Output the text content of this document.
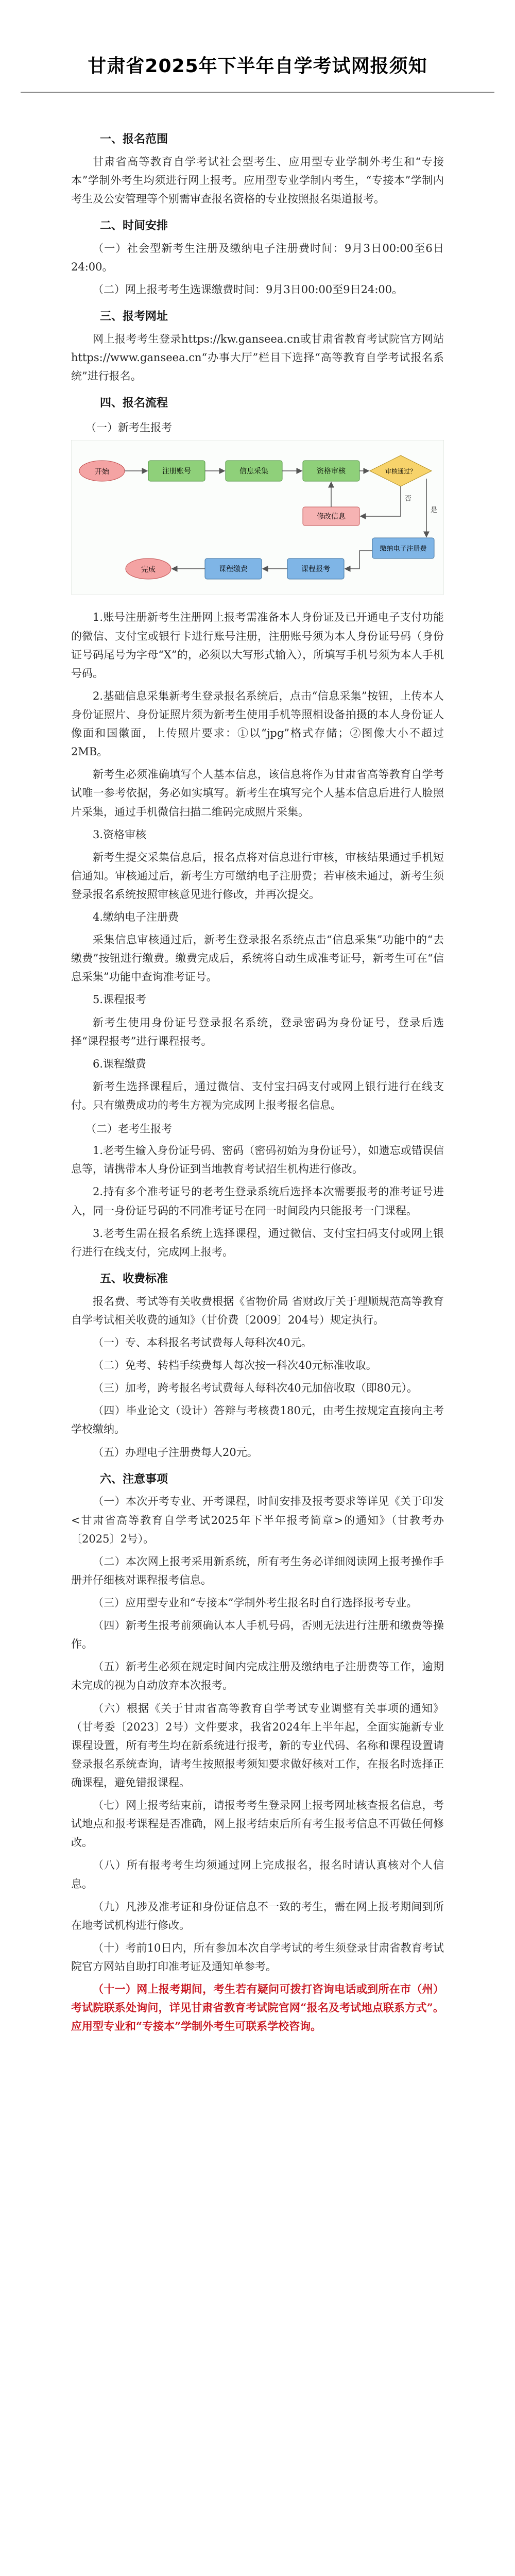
甘肃省2025年下半年自学考试网报须知
一、报名范围
甘肃省高等教育自学考试社会型考生、应用型专业学制外考生和“专接本”学制外考生均须进行网上报考。应用型专业学制内考生，“专接本”学制内考生及公安管理等个别需审查报名资格的专业按照报名渠道报考。
二、时间安排
（一）社会型新考生注册及缴纳电子注册费时间：9月3日00:00至6日24:00。
（二）网上报考考生选课缴费时间：9月3日00:00至9日24:00。
三、报考网址
网上报考考生登录https://kw.ganseea.cn或甘肃省教育考试院官方网站https://www.ganseea.cn“办事大厅”栏目下选择“高等教育自学考试报名系统”进行报名。
四、报名流程
（一）新考生报考
开始	注册账号	信息采集	资格审核	审核通过？
修改信息
缴纳电子注册费
课程报考
课程缴费
完成
否
是
1.账号注册新考生注册网上报考需准备本人身份证及已开通电子支付功能的微信、支付宝或银行卡进行账号注册，注册账号须为本人身份证号码（身份证号码尾号为字母“X”的，必须以大写形式输入），所填写手机号须为本人手机号码。
2.基础信息采集新考生登录报名系统后，点击“信息采集”按钮，上传本人身份证照片、身份证照片须为新考生使用手机等照相设备拍摄的本人身份证人像面和国徽面，上传照片要求：①以“jpg”格式存储；②图像大小不超过2MB。
新考生必须准确填写个人基本信息，该信息将作为甘肃省高等教育自学考试唯一参考依据，务必如实填写。新考生在填写完个人基本信息后进行人脸照片采集，通过手机微信扫描二维码完成照片采集。
3.资格审核
新考生提交采集信息后，报名点将对信息进行审核，审核结果通过手机短信通知。审核通过后，新考生方可缴纳电子注册费；若审核未通过，新考生须登录报名系统按照审核意见进行修改，并再次提交。
4.缴纳电子注册费
采集信息审核通过后，新考生登录报名系统点击“信息采集”功能中的“去缴费”按钮进行缴费。缴费完成后，系统将自动生成准考证号，新考生可在“信息采集”功能中查询准考证号。
5.课程报考
新考生使用身份证号登录报名系统，登录密码为身份证号，登录后选择“课程报考”进行课程报考。
6.课程缴费
新考生选择课程后，通过微信、支付宝扫码支付或网上银行进行在线支付。只有缴费成功的考生方视为完成网上报考报名信息。
（二）老考生报考
1.老考生输入身份证号码、密码（密码初始为身份证号），如遗忘或错误信息等，请携带本人身份证到当地教育考试招生机构进行修改。
2.持有多个准考证号的老考生登录系统后选择本次需要报考的准考证号进入，同一身份证号码的不同准考证号在同一时间段内只能报考一门课程。
3.老考生需在报名系统上选择课程，通过微信、支付宝扫码支付或网上银行进行在线支付，完成网上报考。
五、收费标准
报名费、考试等有关收费根据《省物价局 省财政厅关于理顺规范高等教育自学考试相关收费的通知》（甘价费〔2009〕204号）规定执行。
（一）专、本科报名考试费每人每科次40元。
（二）免考、转档手续费每人每次按一科次40元标准收取。
（三）加考，跨考报名考试费每人每科次40元加倍收取（即80元）。
（四）毕业论文（设计）答辩与考核费180元，由考生按规定直接向主考学校缴纳。
（五）办理电子注册费每人20元。
六、注意事项
（一）本次开考专业、开考课程，时间安排及报考要求等详见《关于印发<甘肃省高等教育自学考试2025年下半年报考简章>的通知》（甘教考办〔2025〕2号）。
（二）本次网上报考采用新系统，所有考生务必详细阅读网上报考操作手册并仔细核对课程报考信息。
（三）应用型专业和“专接本”学制外考生报名时自行选择报考专业。
（四）新考生报考前须确认本人手机号码，否则无法进行注册和缴费等操作。
（五）新考生必须在规定时间内完成注册及缴纳电子注册费等工作，逾期未完成的视为自动放弃本次报考。
（六）根据《关于甘肃省高等教育自学考试专业调整有关事项的通知》（甘考委〔2023〕2号）文件要求，我省2024年上半年起，全面实施新专业课程设置，所有考生均在新系统进行报考，新的专业代码、名称和课程设置请登录报名系统查询，请考生按照报考须知要求做好核对工作，在报名时选择正确课程，避免错报课程。
（七）网上报考结束前，请报考考生登录网上报考网址核查报名信息，考试地点和报考课程是否准确，网上报考结束后所有考生报考信息不再做任何修改。
（八）所有报考考生均须通过网上完成报名，报名时请认真核对个人信息。
（九）凡涉及准考证和身份证信息不一致的考生，需在网上报考期间到所在地考试机构进行修改。
（十）考前10日内，所有参加本次自学考试的考生须登录甘肃省教育考试院官方网站自助打印准考证及通知单参考。
（十一）网上报考期间，考生若有疑问可拨打咨询电话或到所在市（州）考试院联系处询问，详见甘肃省教育考试院官网“报名及考试地点联系方式”。应用型专业和“专接本”学制外考生可联系学校咨询。
